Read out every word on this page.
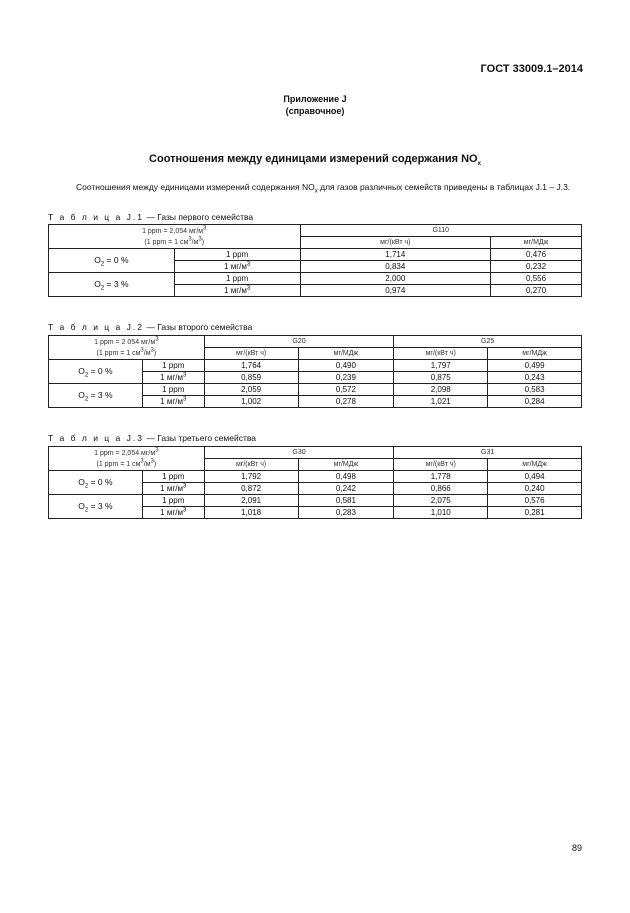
ГОСТ 33009.1–2014
Приложение J
(справочное)
Соотношения между единицами измерений содержания $NO_x$
Соотношения между единицами измерений содержания $NO_x$ для газов различных семейств приведены в таблицах J.1 – J.3.
Т а б л и ц а J.1 — Газы первого семейства
1 ppm = 2,054 $мг/м^3$
(1 ppm = 1 $см^3/м^3$)		G110	
		мг/(кВт ч)	мг/МДж
$O_2 = 0$ %	1 ppm	1,714	0,476
	1 $мг/м^3$	0,834	0,232
$O_2 = 3$ %	1 ppm	2,000	0,556
	1 $мг/м^3$	0,974	0,270
Т а б л и ц а J.2 — Газы второго семейства
1 ppm = 2 054 $мг/м^3$
(1 ppm = 1 $см^3/м^3$)		G20		G25	
		мг/(кВт ч)	мг/МДж	мг/(кВт ч)	мг/МДж
$O_2 = 0$ %	1 ppm	1,764	0,490	1,797	0,499
	1 $мг/м^3$	0,859	0,239	0,875	0,243
$O_2 = 3$ %	1 ppm	2,059	0,572	2,098	0,583
	1 $мг/м^3$	1,002	0,278	1,021	0,284
Т а б л и ц а J.3 — Газы третьего семейства
1 ppm = 2,054 $мг/м^3$
(1 ppm = 1 $см^3/м^3$)		G30		G31	
		мг/(кВт ч)	мг/МДж	мг/(кВт ч)	мг/МДж
$O_2 = 0$ %	1 ppm	1,792	0,498	1,778	0,494
	1 $мг/м^3$	0,872	0,242	0,866	0,240
$O_2 = 3$ %	1 ppm	2,091	0,581	2,075	0,576
	1 $мг/м^3$	1,018	0,283	1,010	0,281
89
